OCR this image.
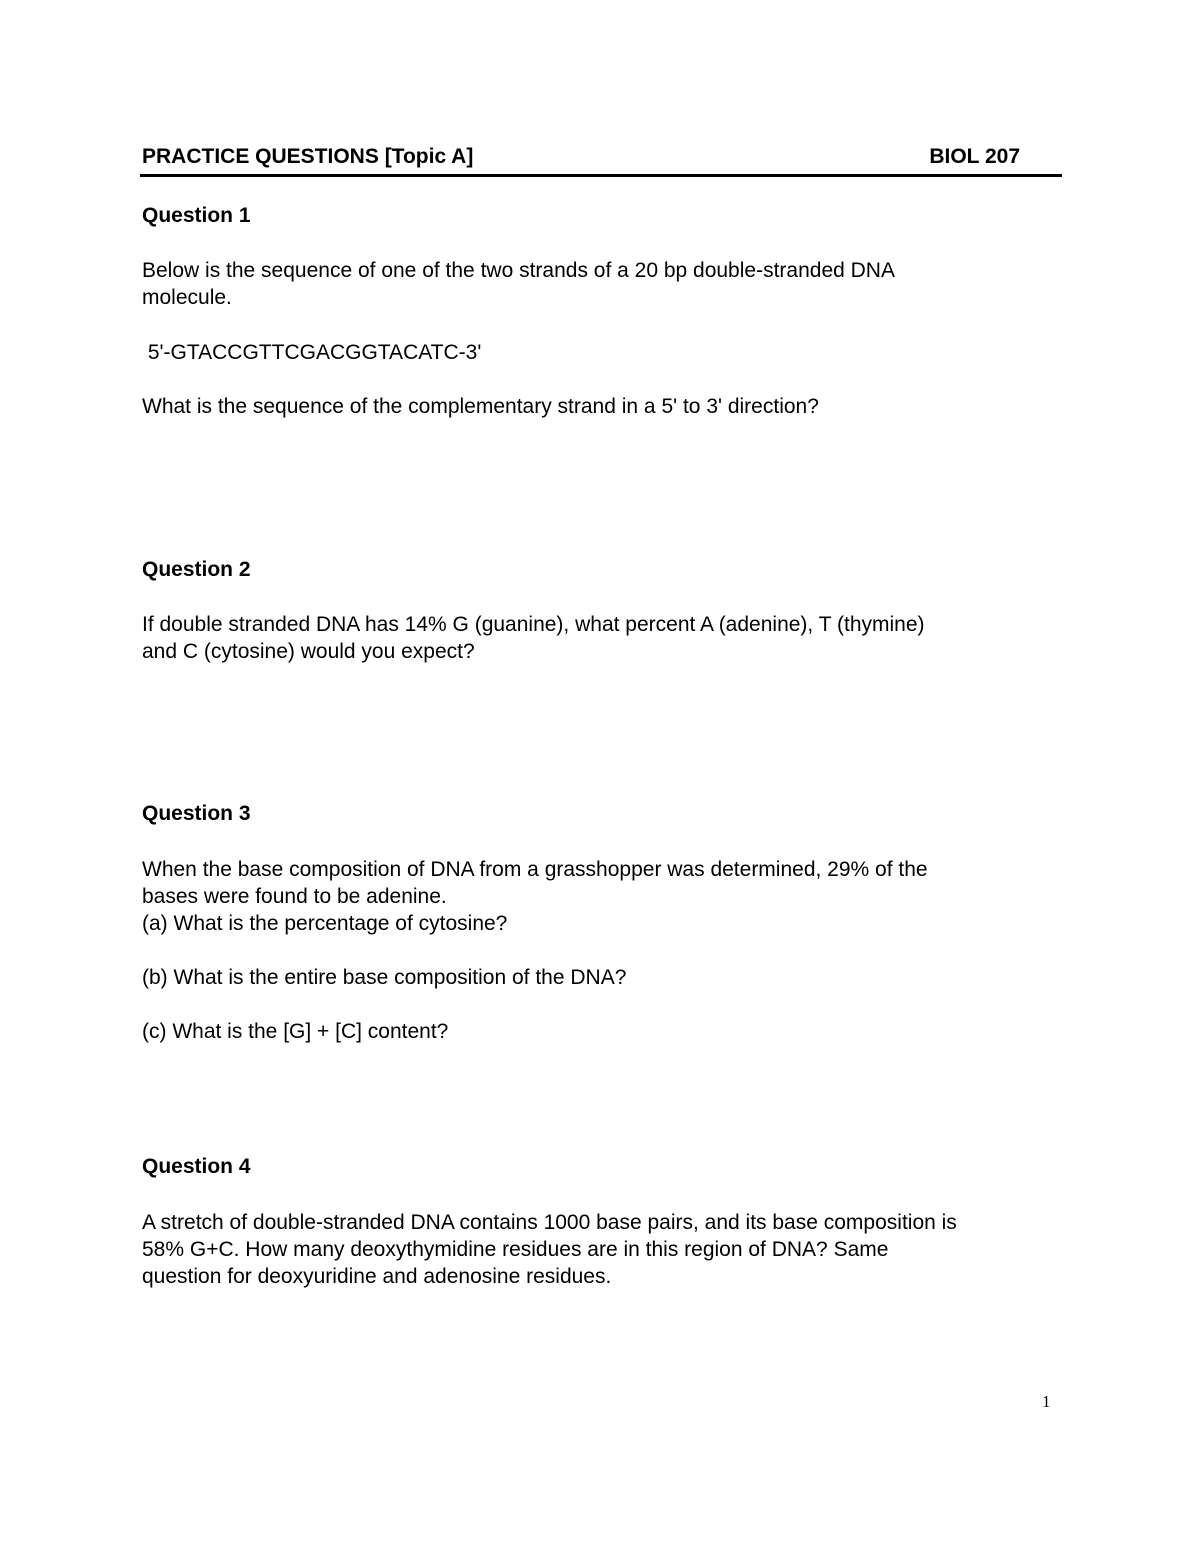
PRACTICE QUESTIONS [Topic A]	BIOL 207
Question 1

Below is the sequence of one of the two strands of a 20 bp double-stranded DNA
molecule.

5'-GTACCGTTCGACGGTACATC-3'

What is the sequence of the complementary strand in a 5' to 3' direction?

Question 2

If double stranded DNA has 14% G (guanine), what percent A (adenine), T (thymine)
and C (cytosine) would you expect?

Question 3

When the base composition of DNA from a grasshopper was determined, 29% of the
bases were found to be adenine.
(a) What is the percentage of cytosine?

(b) What is the entire base composition of the DNA?

(c) What is the [G] + [C] content?

Question 4

A stretch of double-stranded DNA contains 1000 base pairs, and its base composition is
58% G+C. How many deoxythymidine residues are in this region of DNA? Same
question for deoxyuridine and adenosine residues.

1
